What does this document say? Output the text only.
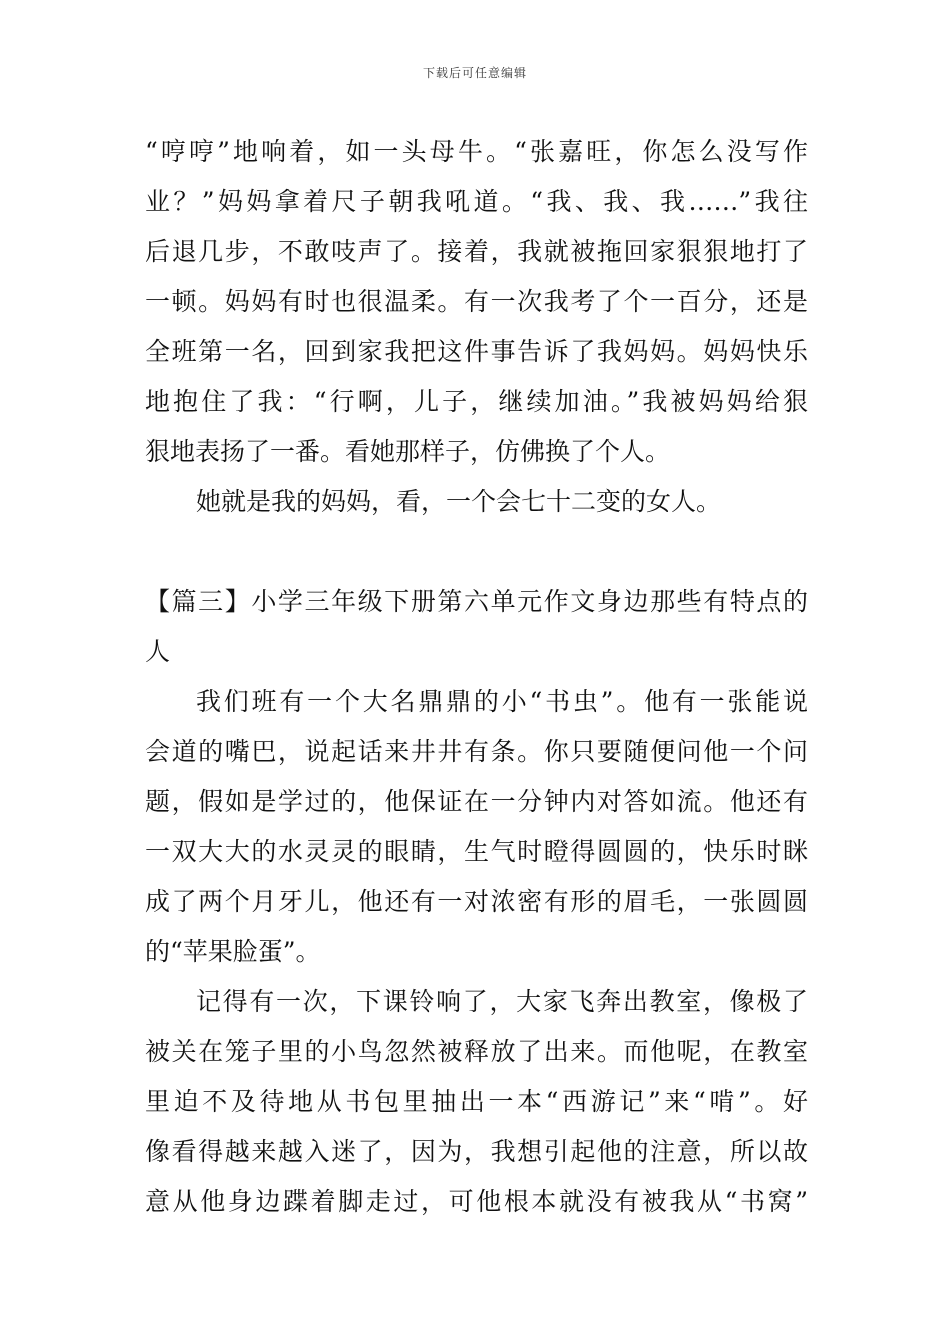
下载后可任意编辑
“哼哼”地响着，如一头母牛。“张嘉旺，你怎么没写作
业？”妈妈拿着尺子朝我吼道。“我、我、我……”我往
后退几步，不敢吱声了。接着，我就被拖回家狠狠地打了
一顿。妈妈有时也很温柔。有一次我考了个一百分，还是
全班第一名，回到家我把这件事告诉了我妈妈。妈妈快乐
地抱住了我：“行啊，儿子，继续加油。”我被妈妈给狠
狠地表扬了一番。看她那样子，仿佛换了个人。
她就是我的妈妈，看，一个会七十二变的女人。
【篇三】小学三年级下册第六单元作文身边那些有特点的
人
我们班有一个大名鼎鼎的小“书虫”。他有一张能说
会道的嘴巴，说起话来井井有条。你只要随便问他一个问
题，假如是学过的，他保证在一分钟内对答如流。他还有
一双大大的水灵灵的眼睛，生气时瞪得圆圆的，快乐时眯
成了两个月牙儿，他还有一对浓密有形的眉毛，一张圆圆
的“苹果脸蛋”。
记得有一次，下课铃响了，大家飞奔出教室，像极了
被关在笼子里的小鸟忽然被释放了出来。而他呢，在教室
里迫不及待地从书包里抽出一本“西游记”来“啃”。好
像看得越来越入迷了，因为，我想引起他的注意，所以故
意从他身边蹀着脚走过，可他根本就没有被我从“书窝”
